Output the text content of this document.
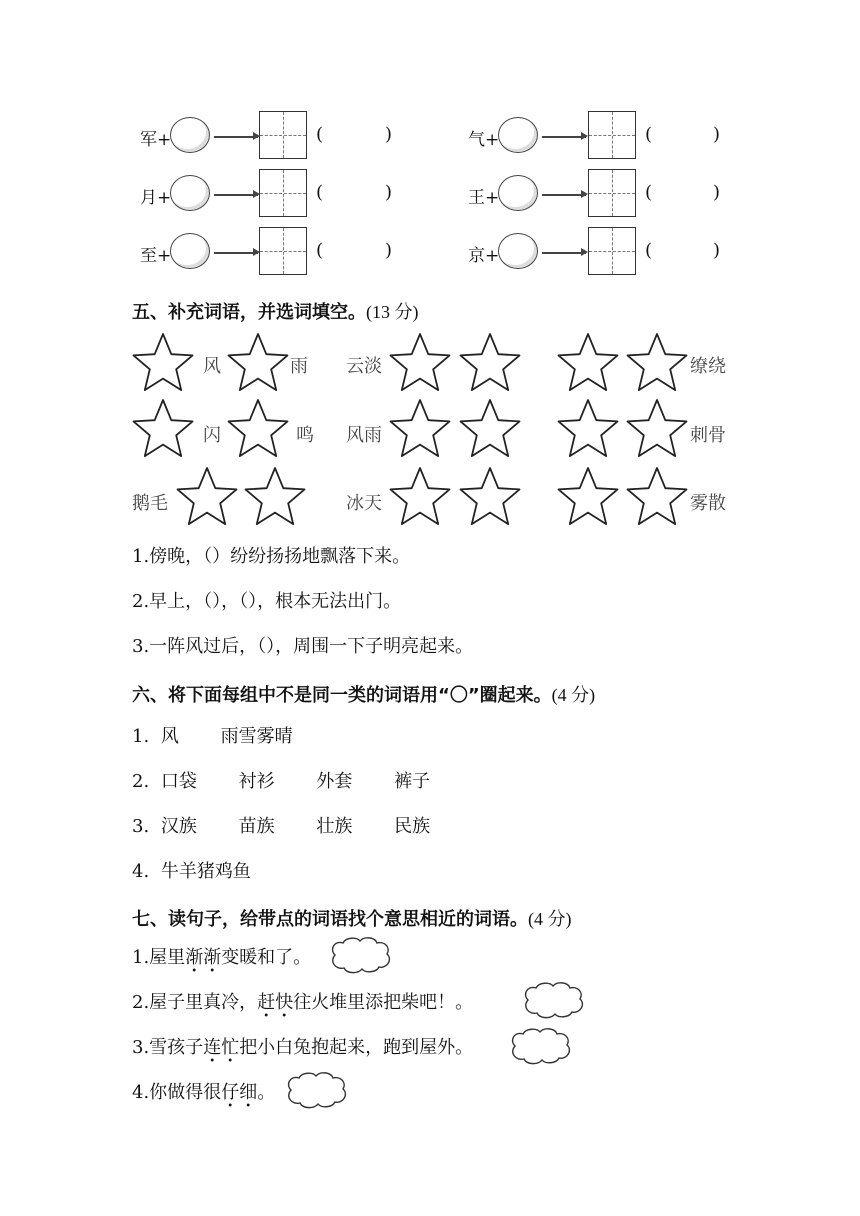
军+	(	)	气+	(	)
月+	(	)	王+	(	)
至+	(	)	京+	(	)
五、补充词语，并选词填空。(13 分)
风	雨 云淡	缭绕
闪	鸣 风雨	刺骨
鹅毛	冰天	雾散
1.傍晚，（）纷纷扬扬地飘落下来。
2.早上，（），（），根本无法出门。
3.一阵风过后，（），周围一下子明亮起来。
六、将下面每组中不是同一类的词语用“〇”圈起来。(4 分)
1. 风 雨雪雾晴
2. 口袋 衬衫 外套 裤子
3. 汉族 苗族 壮族 民族
4. 牛羊猪鸡鱼
七、读句子，给带点的词语找个意思相近的词语。(4 分)
1.屋里渐渐变暖和了。
2.屋子里真冷，赶快往火堆里添把柴吧！。
3.雪孩子连忙把小白兔抱起来，跑到屋外。
4.你做得很仔细。
